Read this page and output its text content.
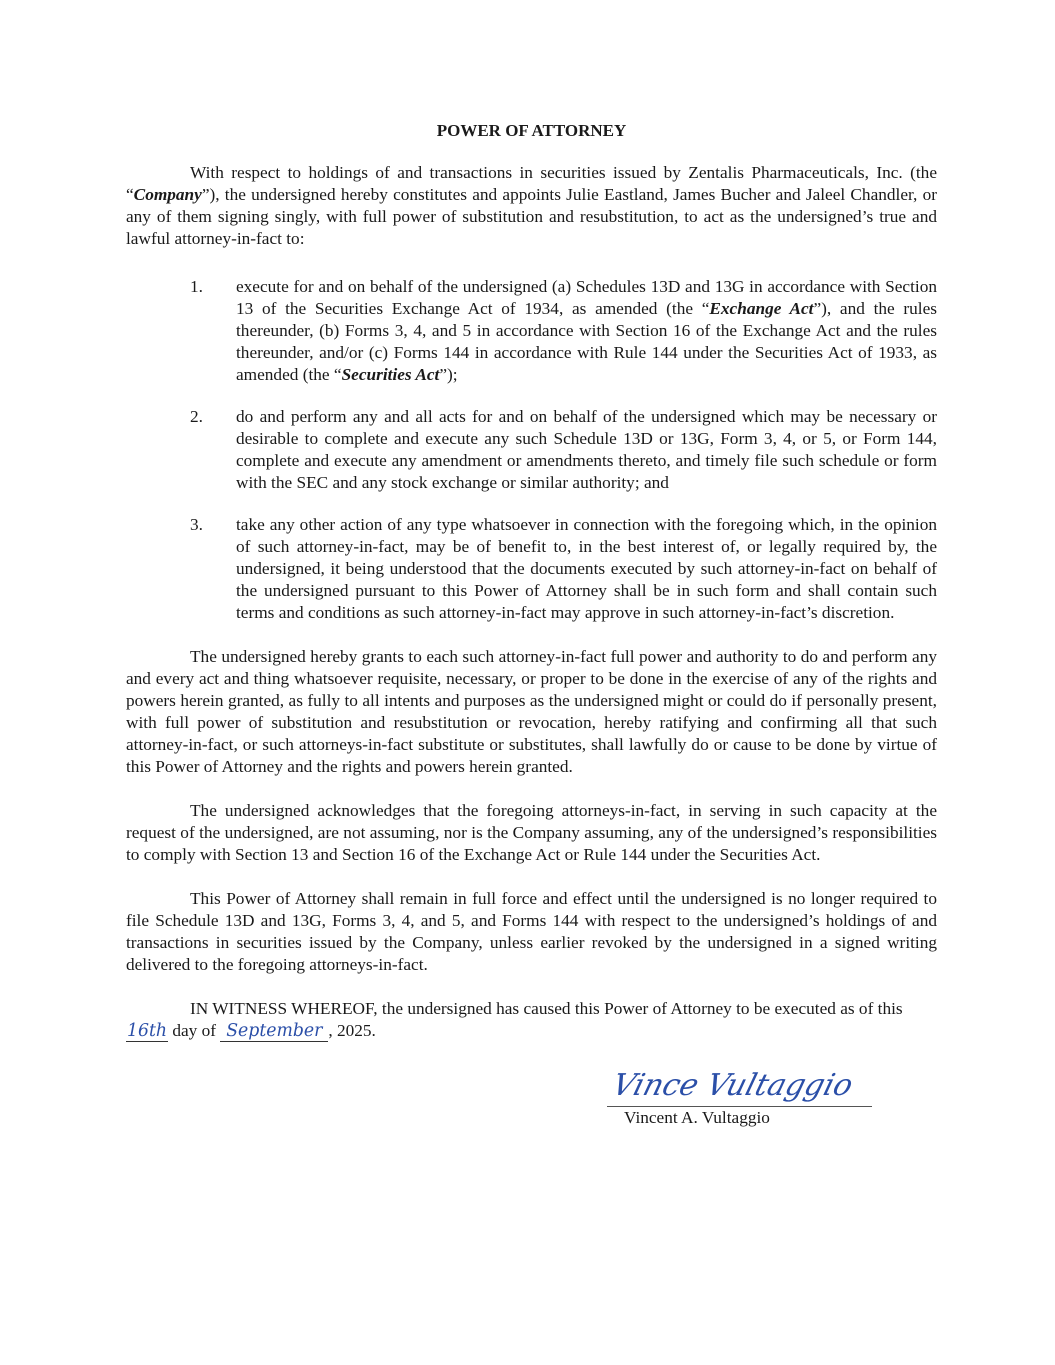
POWER OF ATTORNEY
With respect to holdings of and transactions in securities issued by Zentalis Pharmaceuticals, Inc. (the “Company”), the undersigned hereby constitutes and appoints Julie Eastland, James Bucher and Jaleel Chandler, or any of them signing singly, with full power of substitution and resubstitution, to act as the undersigned’s true and lawful attorney-in-fact to:
1. execute for and on behalf of the undersigned (a) Schedules 13D and 13G in accordance with Section 13 of the Securities Exchange Act of 1934, as amended (the “Exchange Act”), and the rules thereunder, (b) Forms 3, 4, and 5 in accordance with Section 16 of the Exchange Act and the rules thereunder, and/or (c) Forms 144 in accordance with Rule 144 under the Securities Act of 1933, as amended (the “Securities Act”);
2. do and perform any and all acts for and on behalf of the undersigned which may be necessary or desirable to complete and execute any such Schedule 13D or 13G, Form 3, 4, or 5, or Form 144, complete and execute any amendment or amendments thereto, and timely file such schedule or form with the SEC and any stock exchange or similar authority; and
3. take any other action of any type whatsoever in connection with the foregoing which, in the opinion of such attorney-in-fact, may be of benefit to, in the best interest of, or legally required by, the undersigned, it being understood that the documents executed by such attorney-in-fact on behalf of the undersigned pursuant to this Power of Attorney shall be in such form and shall contain such terms and conditions as such attorney-in-fact may approve in such attorney-in-fact’s discretion.
The undersigned hereby grants to each such attorney-in-fact full power and authority to do and perform any and every act and thing whatsoever requisite, necessary, or proper to be done in the exercise of any of the rights and powers herein granted, as fully to all intents and purposes as the undersigned might or could do if personally present, with full power of substitution and resubstitution or revocation, hereby ratifying and confirming all that such attorney-in-fact, or such attorneys-in-fact substitute or substitutes, shall lawfully do or cause to be done by virtue of this Power of Attorney and the rights and powers herein granted.
The undersigned acknowledges that the foregoing attorneys-in-fact, in serving in such capacity at the request of the undersigned, are not assuming, nor is the Company assuming, any of the undersigned’s responsibilities to comply with Section 13 and Section 16 of the Exchange Act or Rule 144 under the Securities Act.
This Power of Attorney shall remain in full force and effect until the undersigned is no longer required to file Schedule 13D and 13G, Forms 3, 4, and 5, and Forms 144 with respect to the undersigned’s holdings of and transactions in securities issued by the Company, unless earlier revoked by the undersigned in a signed writing delivered to the foregoing attorneys-in-fact.
IN WITNESS WHEREOF, the undersigned has caused this Power of Attorney to be executed as of this 16th day of September , 2025.
Vince Vultaggio
Vincent A. Vultaggio
